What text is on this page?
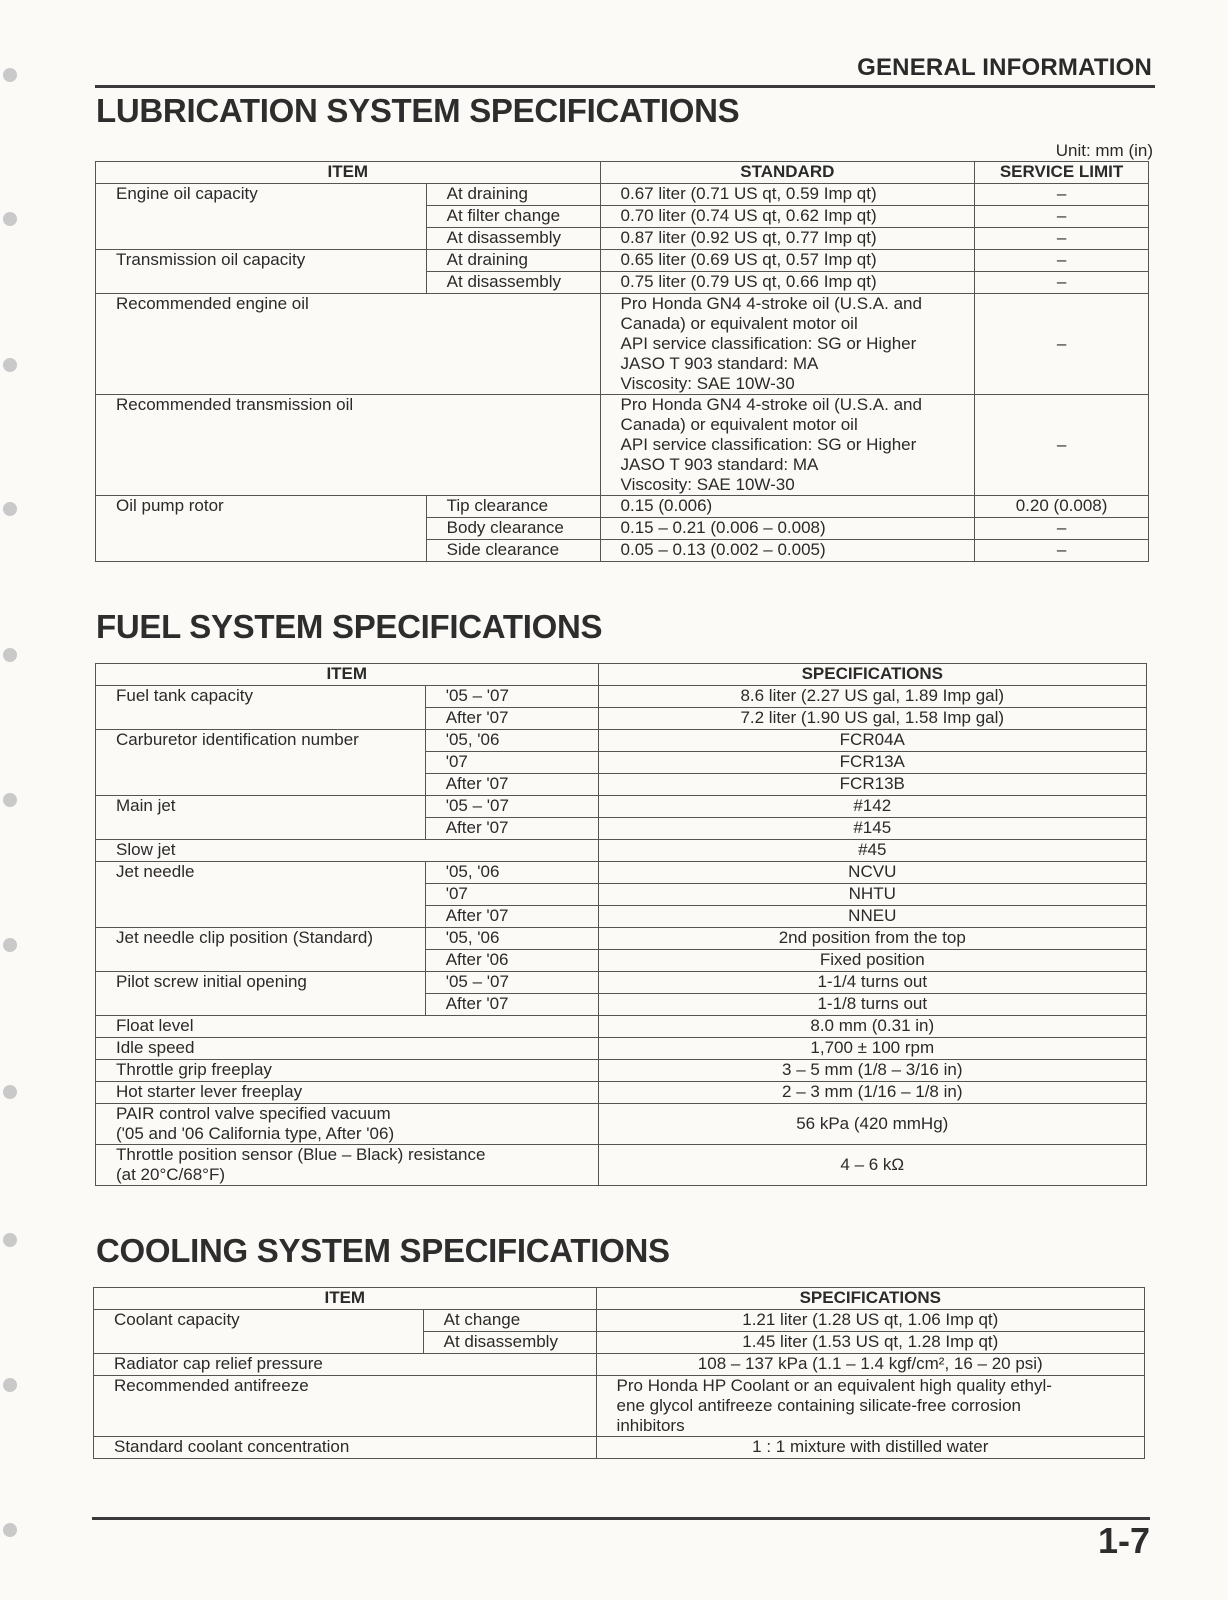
GENERAL INFORMATION
LUBRICATION SYSTEM SPECIFICATIONS
Unit: mm (in)
ITEM		STANDARD	SERVICE LIMIT
Engine oil capacity	At draining	0.67 liter (0.71 US qt, 0.59 Imp qt)	–
	At filter change	0.70 liter (0.74 US qt, 0.62 Imp qt)	–
	At disassembly	0.87 liter (0.92 US qt, 0.77 Imp qt)	–
Transmission oil capacity	At draining	0.65 liter (0.69 US qt, 0.57 Imp qt)	–
	At disassembly	0.75 liter (0.79 US qt, 0.66 Imp qt)	–
Recommended engine oil		Pro Honda GN4 4-stroke oil (U.S.A. and
Canada) or equivalent motor oil
API service classification: SG or Higher
JASO T 903 standard: MA
Viscosity: SAE 10W-30	–
Recommended transmission oil		Pro Honda GN4 4-stroke oil (U.S.A. and
Canada) or equivalent motor oil
API service classification: SG or Higher
JASO T 903 standard: MA
Viscosity: SAE 10W-30	–
Oil pump rotor	Tip clearance	0.15 (0.006)	0.20 (0.008)
	Body clearance	0.15 – 0.21 (0.006 – 0.008)	–
	Side clearance	0.05 – 0.13 (0.002 – 0.005)	–
FUEL SYSTEM SPECIFICATIONS
ITEM		SPECIFICATIONS
Fuel tank capacity	'05 – '07	8.6 liter (2.27 US gal, 1.89 Imp gal)
	After '07	7.2 liter (1.90 US gal, 1.58 Imp gal)
Carburetor identification number	'05, '06	FCR04A
	'07	FCR13A
	After '07	FCR13B
Main jet	'05 – '07	#142
	After '07	#145
Slow jet		#45
Jet needle	'05, '06	NCVU
	'07	NHTU
	After '07	NNEU
Jet needle clip position (Standard)	'05, '06	2nd position from the top
	After '06	Fixed position
Pilot screw initial opening	'05 – '07	1-1/4 turns out
	After '07	1-1/8 turns out
Float level		8.0 mm (0.31 in)
Idle speed		1,700 ± 100 rpm
Throttle grip freeplay		3 – 5 mm (1/8 – 3/16 in)
Hot starter lever freeplay		2 – 3 mm (1/16 – 1/8 in)

PAIR control valve specified vacuum
('05 and '06 California type, After '06)		56 kPa (420 mmHg)

Throttle position sensor (Blue – Black) resistance
(at 20°C/68°F)		4 – 6 kΩ
COOLING SYSTEM SPECIFICATIONS
ITEM		SPECIFICATIONS
Coolant capacity	At change	1.21 liter (1.28 US qt, 1.06 Imp qt)
	At disassembly	1.45 liter (1.53 US qt, 1.28 Imp qt)
Radiator cap relief pressure		108 – 137 kPa (1.1 – 1.4 kgf/cm², 16 – 20 psi)
Recommended antifreeze		Pro Honda HP Coolant or an equivalent high quality ethyl-
ene glycol antifreeze containing silicate-free corrosion
inhibitors

Standard coolant concentration		1 : 1 mixture with distilled water
1-7
